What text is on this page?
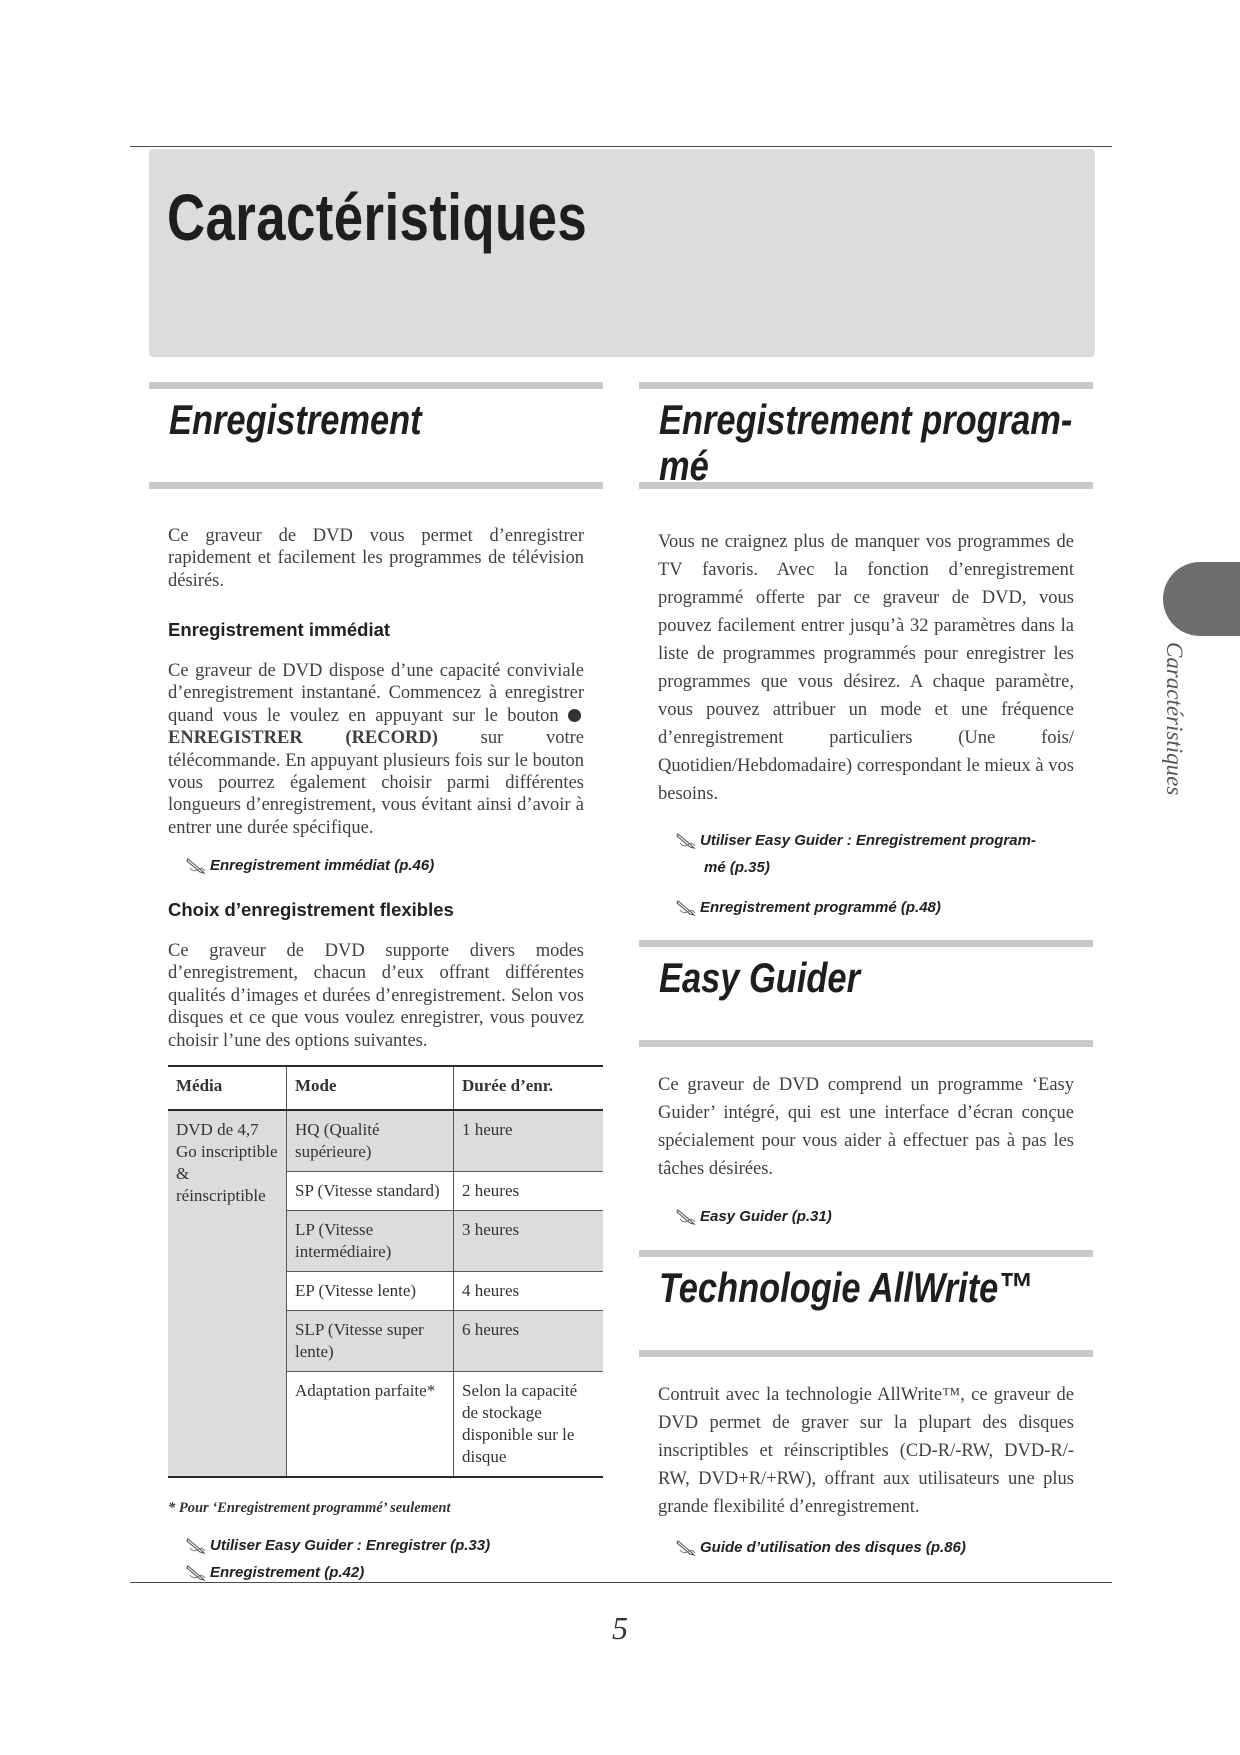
Caractéristiques
Caractéristiques
Enregistrement

Ce graveur de DVD vous permet d’enregistrer rapidement et facilement les programmes de télévision désirés.

Enregistrement immédiat

Ce graveur de DVD dispose d’une capacité conviviale d’enregistrement instantané. Commencez à enregistrer quand vous le voulez en appuyant sur le bouton ENREGISTRER (RECORD) sur votre télécommande. En appuyant plusieurs fois sur le bouton vous pourrez également choisir parmi différentes longueurs d’enregistrement, vous évitant ainsi d’avoir à entrer une durée spécifique.

Enregistrement immédiat (p.46)
Choix d’enregistrement flexibles

Ce graveur de DVD supporte divers modes d’enregistrement, chacun d’eux offrant différentes qualités d’images et durées d’enregistrement. Selon vos disques et ce que vous voulez enregistrer, vous pouvez choisir l’une des options suivantes.

Média	Mode	Durée d’enr.
DVD de 4,7 Go inscriptible & réinscriptible	HQ (Qualité supérieure)	1 heure
	SP (Vitesse standard)	2 heures
	LP (Vitesse intermédiaire)	3 heures
	EP (Vitesse lente)	4 heures
	SLP (Vitesse super lente)	6 heures
	Adaptation parfaite*	Selon la capacité de stockage disponible sur le disque
* Pour ‘Enregistrement programmé’ seulement
Utiliser Easy Guider : Enregistrer (p.33)
Enregistrement (p.42)
Enregistrement program-
mé

Vous ne craignez plus de manquer vos programmes de TV favoris. Avec la fonction d’enregistrement programmé offerte par ce graveur de DVD, vous pouvez facilement entrer jusqu’à 32 paramètres dans la liste de programmes programmés pour enregistrer les programmes que vous désirez. A chaque paramètre, vous pouvez attribuer un mode et une fréquence d’enregistrement particuliers (Une fois/ Quotidien/Hebdomadaire) correspondant le mieux à vos besoins.

Utiliser Easy Guider : Enregistrement program-
mé (p.35)
Enregistrement programmé (p.48)
Easy Guider

Ce graveur de DVD comprend un programme ‘Easy Guider’ intégré, qui est une interface d’écran conçue spécialement pour vous aider à effectuer pas à pas les tâches désirées.

Easy Guider (p.31)
Technologie AllWrite™

Contruit avec la technologie AllWrite™, ce graveur de DVD permet de graver sur la plupart des disques inscriptibles et réinscriptibles (CD-R/-RW, DVD-R/-RW, DVD+R/+RW), offrant aux utilisateurs une plus grande flexibilité d’enregistrement.

Guide d’utilisation des disques (p.86)
5
